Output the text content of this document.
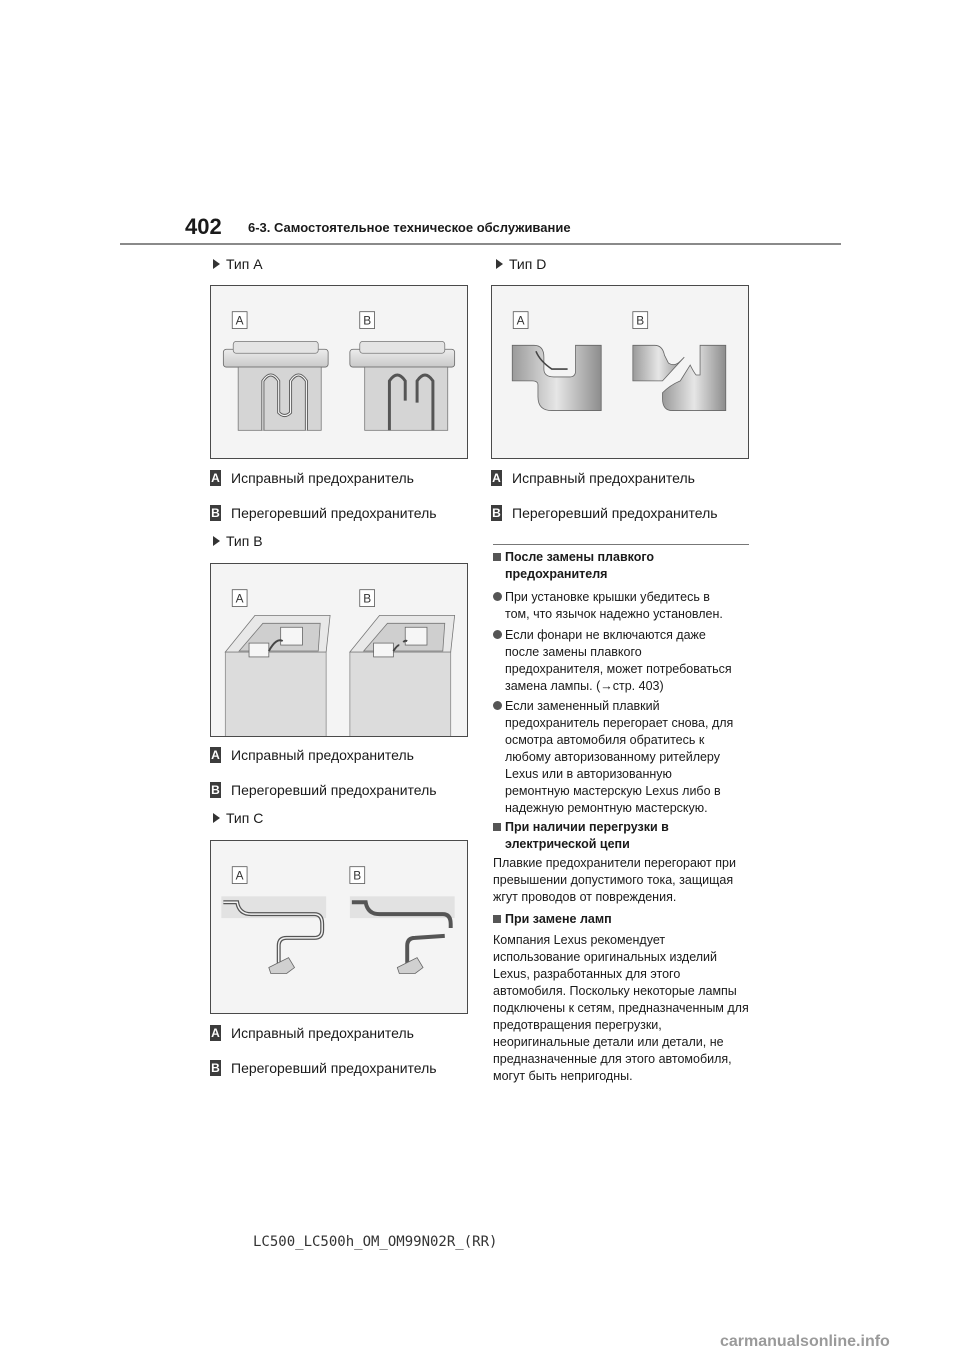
402 6-3. Самостоятельное техническое обслуживание
Тип A
A	B
A Исправный предохранитель
B Перегоревший предохранитель
Тип B
A	B
A Исправный предохранитель
B Перегоревший предохранитель
Тип C
A	B
A Исправный предохранитель
B Перегоревший предохранитель
Тип D
A	B
A Исправный предохранитель
B Перегоревший предохранитель
После замены плавкого предохранителя
При установке крышки убедитесь в том, что язычок надежно установлен.
Если фонари не включаются даже после замены плавкого предохранителя, может потребоваться замена лампы. (→стр. 403)
Если замененный плавкий предохранитель перегорает снова, для осмотра автомобиля обратитесь к любому авторизованному ритейлеру Lexus или в авторизованную ремонтную мастерскую Lexus либо в надежную ремонтную мастерскую.
При наличии перегрузки в электрической цепи
Плавкие предохранители перегорают при превышении допустимого тока, защищая жгут проводов от повреждения.
При замене ламп
Компания Lexus рекомендует использование оригинальных изделий Lexus, разработанных для этого автомобиля. Поскольку некоторые лампы подключены к сетям, предназначенным для предотвращения перегрузки, неоригинальные детали или детали, не предназначенные для этого автомобиля, могут быть непригодны.
LC500_LC500h_OM_OM99N02R_(RR)
carmanualsonline.info
